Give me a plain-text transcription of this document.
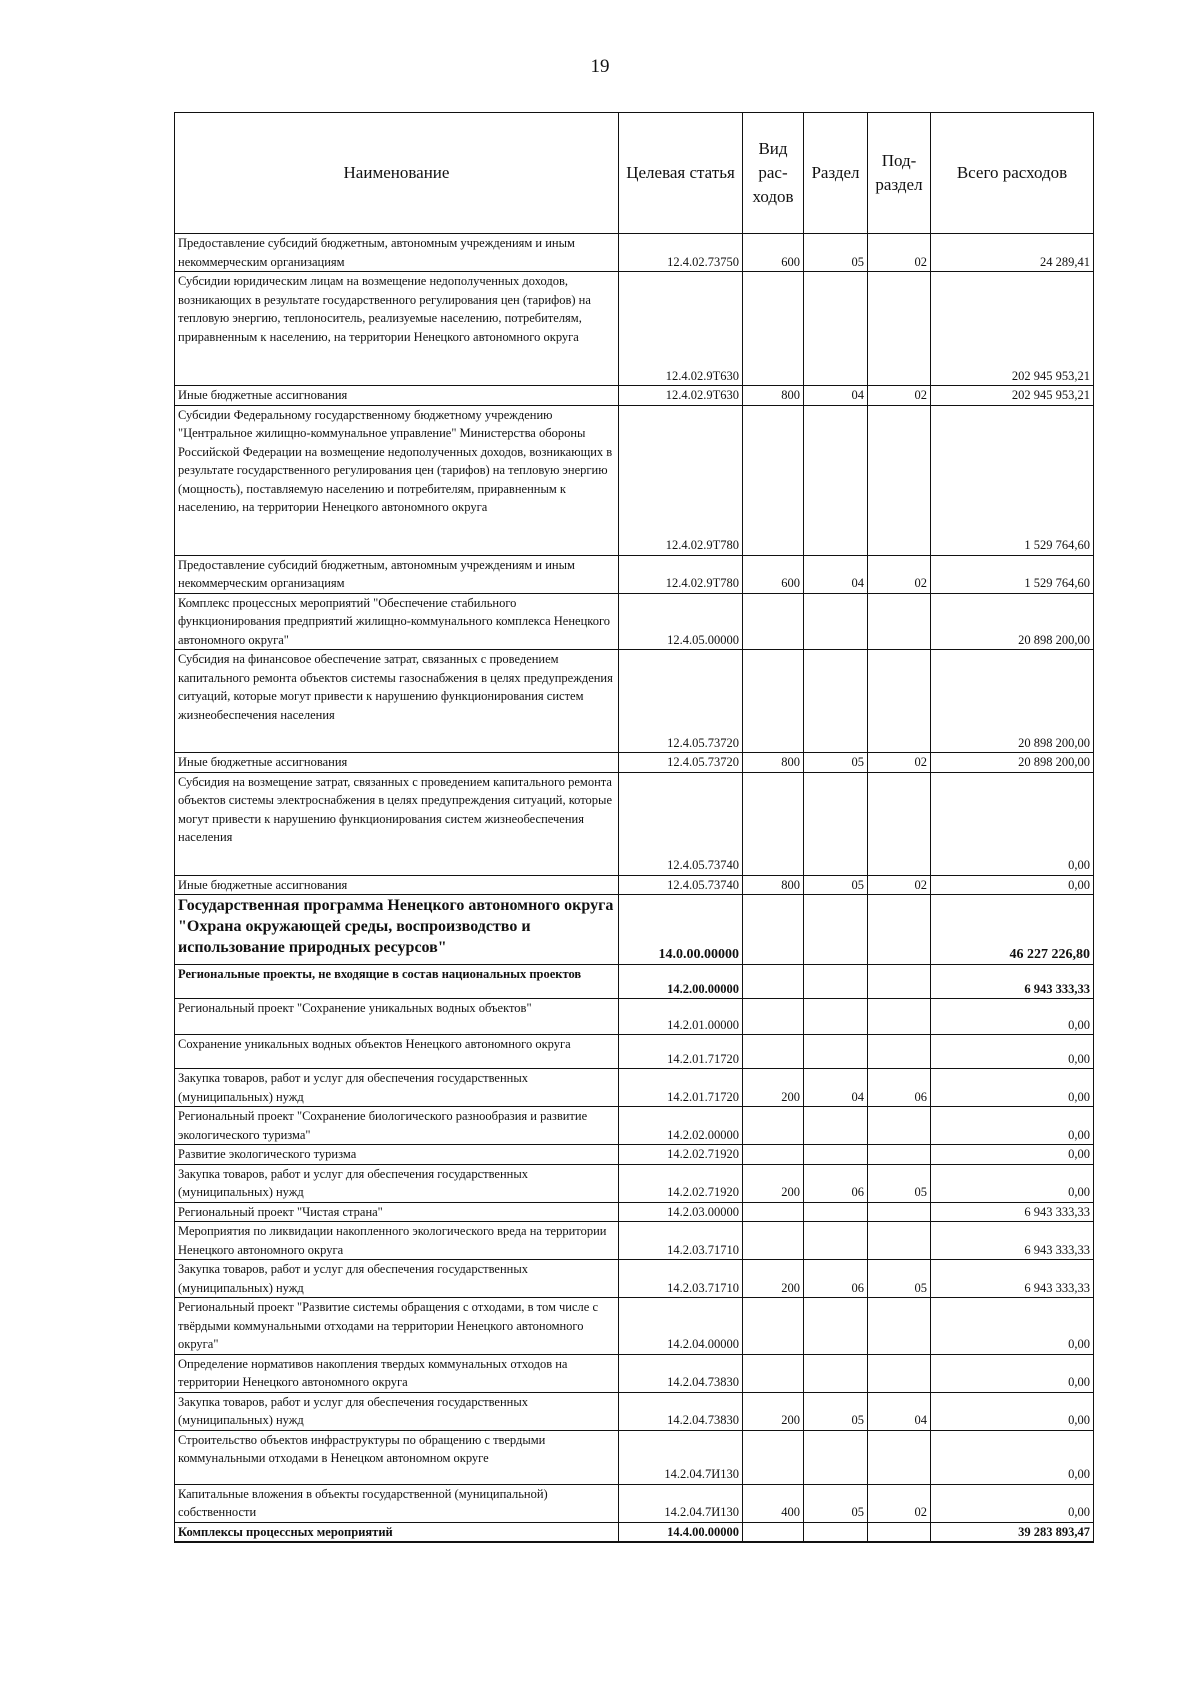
19
Наименование	Целевая статья	Вид рас-ходов	Раздел	Под-раздел	Всего расходов
Предоставление субсидий бюджетным, автономным учреждениям и иным некоммерческим организациям	12.4.02.73750	600	05	02	24 289,41
Субсидии юридическим лицам на возмещение недополученных доходов, возникающих в результате государственного регулирования цен (тарифов) на тепловую энергию, теплоноситель, реализуемые населению, потребителям, приравненным к населению, на территории Ненецкого автономного округа	12.4.02.9Т630				202 945 953,21
Иные бюджетные ассигнования	12.4.02.9Т630	800	04	02	202 945 953,21
Субсидии Федеральному государственному бюджетному учреждению "Центральное жилищно-коммунальное управление" Министерства обороны Российской Федерации на возмещение недополученных доходов, возникающих в результате государственного регулирования цен (тарифов) на тепловую энергию (мощность), поставляемую населению и потребителям, приравненным к населению, на территории Ненецкого автономного округа	12.4.02.9Т780				1 529 764,60
Предоставление субсидий бюджетным, автономным учреждениям и иным некоммерческим организациям	12.4.02.9Т780	600	04	02	1 529 764,60
Комплекс процессных мероприятий "Обеспечение стабильного функционирования предприятий жилищно-коммунального комплекса Ненецкого автономного округа"	12.4.05.00000				20 898 200,00
Субсидия на финансовое обеспечение затрат, связанных с проведением капитального ремонта объектов системы газоснабжения в целях предупреждения ситуаций, которые могут привести к нарушению функционирования систем жизнеобеспечения населения	12.4.05.73720				20 898 200,00
Иные бюджетные ассигнования	12.4.05.73720	800	05	02	20 898 200,00
Субсидия на возмещение затрат, связанных с проведением капитального ремонта объектов системы электроснабжения в целях предупреждения ситуаций, которые могут привести к нарушению функционирования систем жизнеобеспечения населения	12.4.05.73740				0,00
Иные бюджетные ассигнования	12.4.05.73740	800	05	02	0,00
Государственная программа Ненецкого автономного округа "Охрана окружающей среды, воспроизводство и использование природных ресурсов"	14.0.00.00000				46 227 226,80
Региональные проекты, не входящие в состав национальных проектов	14.2.00.00000				6 943 333,33
Региональный проект "Сохранение уникальных водных объектов"	14.2.01.00000				0,00
Сохранение уникальных водных объектов Ненецкого автономного округа	14.2.01.71720				0,00
Закупка товаров, работ и услуг для обеспечения государственных (муниципальных) нужд	14.2.01.71720	200	04	06	0,00
Региональный проект "Сохранение биологического разнообразия и развитие экологического туризма"	14.2.02.00000				0,00
Развитие экологического туризма	14.2.02.71920				0,00
Закупка товаров, работ и услуг для обеспечения государственных (муниципальных) нужд	14.2.02.71920	200	06	05	0,00
Региональный проект "Чистая страна"	14.2.03.00000				6 943 333,33
Мероприятия по ликвидации накопленного экологического вреда на территории Ненецкого автономного округа	14.2.03.71710				6 943 333,33
Закупка товаров, работ и услуг для обеспечения государственных (муниципальных) нужд	14.2.03.71710	200	06	05	6 943 333,33
Региональный проект "Развитие системы обращения с отходами, в том числе с твёрдыми коммунальными отходами на территории Ненецкого автономного округа"	14.2.04.00000				0,00
Определение нормативов накопления твердых коммунальных отходов на территории Ненецкого автономного округа	14.2.04.73830				0,00
Закупка товаров, работ и услуг для обеспечения государственных (муниципальных) нужд	14.2.04.73830	200	05	04	0,00
Строительство объектов инфраструктуры по обращению с твердыми коммунальными отходами в Ненецком автономном округе	14.2.04.7И130				0,00
Капитальные вложения в объекты государственной (муниципальной) собственности	14.2.04.7И130	400	05	02	0,00
Комплексы процессных мероприятий	14.4.00.00000				39 283 893,47
